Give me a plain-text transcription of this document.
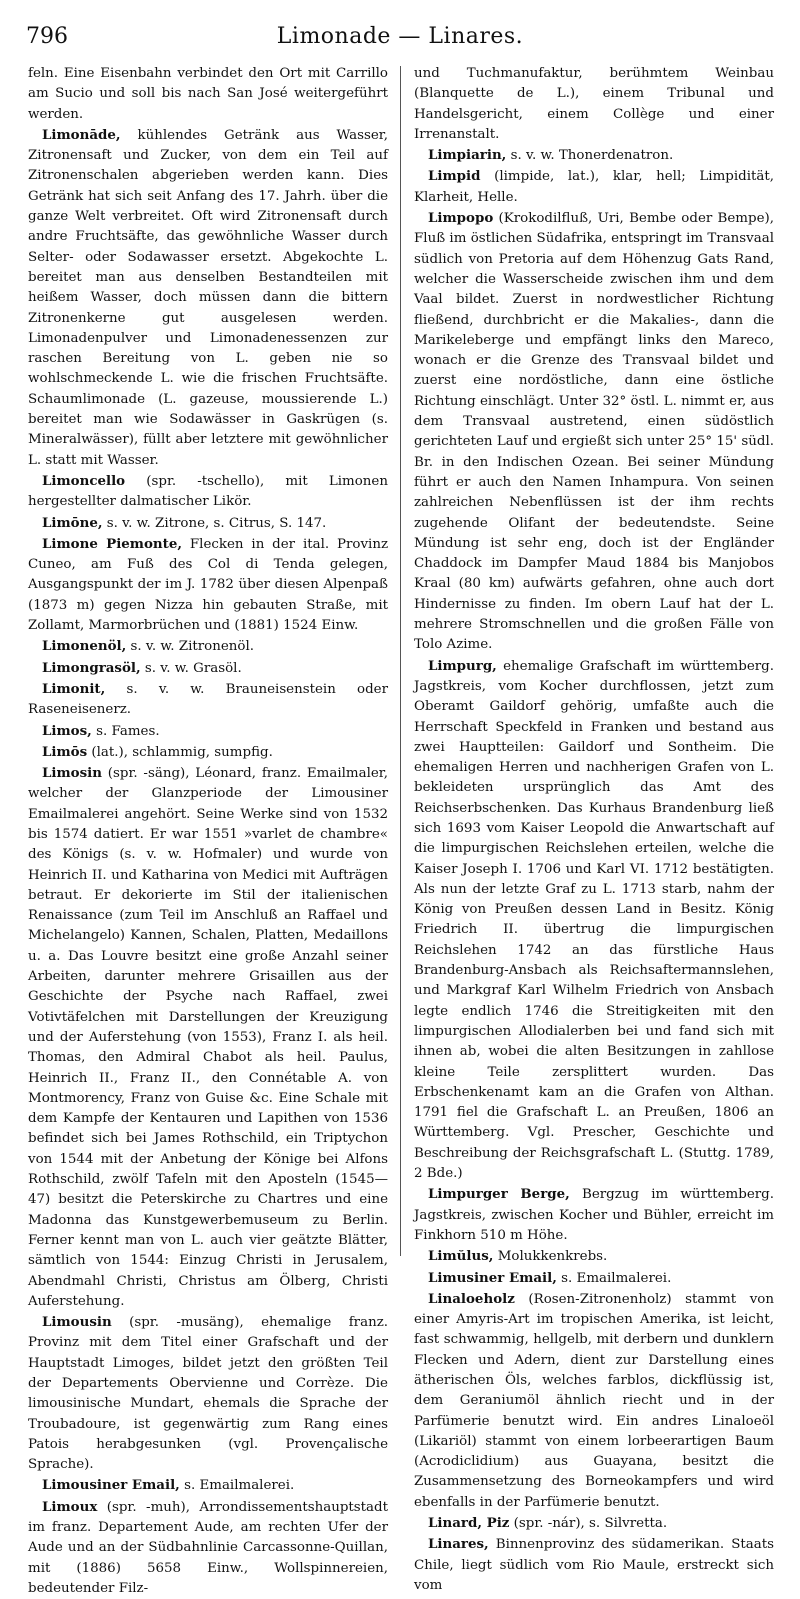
796	Limonade — Linares.

feln. Eine Eisenbahn verbindet den Ort mit Carrillo am Sucio und soll bis nach San José weitergeführt werden.

Limonāde, kühlendes Getränk aus Wasser, Zitronensaft und Zucker, von dem ein Teil auf Zitronenschalen abgerieben werden kann. Dies Getränk hat sich seit Anfang des 17. Jahrh. über die ganze Welt verbreitet. Oft wird Zitronensaft durch andre Fruchtsäfte, das gewöhnliche Wasser durch Selter- oder Sodawasser ersetzt. Abgekochte L. bereitet man aus denselben Bestandteilen mit heißem Wasser, doch müssen dann die bittern Zitronenkerne gut ausgelesen werden. Limonadenpulver und Limonadenessenzen zur raschen Bereitung von L. geben nie so wohlschmeckende L. wie die frischen Fruchtsäfte. Schaumlimonade (L. gazeuse, moussierende L.) bereitet man wie Sodawässer in Gaskrügen (s. Mineralwässer), füllt aber letztere mit gewöhnlicher L. statt mit Wasser.

Limoncello (spr. -tschello), mit Limonen hergestellter dalmatischer Likör.

Limōne, s. v. w. Zitrone, s. Citrus, S. 147.

Limone Piemonte, Flecken in der ital. Provinz Cuneo, am Fuß des Col di Tenda gelegen, Ausgangspunkt der im J. 1782 über diesen Alpenpaß (1873 m) gegen Nizza hin gebauten Straße, mit Zollamt, Marmorbrüchen und (1881) 1524 Einw.

Limonenöl, s. v. w. Zitronenöl.

Limongrasöl, s. v. w. Grasöl.

Limonit, s. v. w. Brauneisenstein oder Raseneisenerz.

Limos, s. Fames.

Limōs (lat.), schlammig, sumpfig.

Limosin (spr. -säng), Léonard, franz. Emailmaler, welcher der Glanzperiode der Limousiner Emailmalerei angehört. Seine Werke sind von 1532 bis 1574 datiert. Er war 1551 »varlet de chambre« des Königs (s. v. w. Hofmaler) und wurde von Heinrich II. und Katharina von Medici mit Aufträgen betraut. Er dekorierte im Stil der italienischen Renaissance (zum Teil im Anschluß an Raffael und Michelangelo) Kannen, Schalen, Platten, Medaillons u. a. Das Louvre besitzt eine große Anzahl seiner Arbeiten, darunter mehrere Grisaillen aus der Geschichte der Psyche nach Raffael, zwei Votivtäfelchen mit Darstellungen der Kreuzigung und der Auferstehung (von 1553), Franz I. als heil. Thomas, den Admiral Chabot als heil. Paulus, Heinrich II., Franz II., den Connétable A. von Montmorency, Franz von Guise &c. Eine Schale mit dem Kampfe der Kentauren und Lapithen von 1536 befindet sich bei James Rothschild, ein Triptychon von 1544 mit der Anbetung der Könige bei Alfons Rothschild, zwölf Tafeln mit den Aposteln (1545—47) besitzt die Peterskirche zu Chartres und eine Madonna das Kunstgewerbemuseum zu Berlin. Ferner kennt man von L. auch vier geätzte Blätter, sämtlich von 1544: Einzug Christi in Jerusalem, Abendmahl Christi, Christus am Ölberg, Christi Auferstehung.

Limousin (spr. -musäng), ehemalige franz. Provinz mit dem Titel einer Grafschaft und der Hauptstadt Limoges, bildet jetzt den größten Teil der Departements Obervienne und Corrèze. Die limousinische Mundart, ehemals die Sprache der Troubadoure, ist gegenwärtig zum Rang eines Patois herabgesunken (vgl. Provençalische Sprache).

Limousiner Email, s. Emailmalerei.

Limoux (spr. -muh), Arrondissementshauptstadt im franz. Departement Aude, am rechten Ufer der Aude und an der Südbahnlinie Carcassonne-Quillan, mit (1886) 5658 Einw., Wollspinnereien, bedeutender Filz-

und Tuchmanufaktur, berühmtem Weinbau (Blanquette de L.), einem Tribunal und Handelsgericht, einem Collège und einer Irrenanstalt.

Limpiarin, s. v. w. Thonerdenatron.

Limpid (limpide, lat.), klar, hell; Limpidität, Klarheit, Helle.

Limpopo (Krokodilfluß, Uri, Bembe oder Bempe), Fluß im östlichen Südafrika, entspringt im Transvaal südlich von Pretoria auf dem Höhenzug Gats Rand, welcher die Wasserscheide zwischen ihm und dem Vaal bildet. Zuerst in nordwestlicher Richtung fließend, durchbricht er die Makalies-, dann die Marikeleberge und empfängt links den Mareco, wonach er die Grenze des Transvaal bildet und zuerst eine nordöstliche, dann eine östliche Richtung einschlägt. Unter 32° östl. L. nimmt er, aus dem Transvaal austretend, einen südöstlich gerichteten Lauf und ergießt sich unter 25° 15' südl. Br. in den Indischen Ozean. Bei seiner Mündung führt er auch den Namen Inhampura. Von seinen zahlreichen Nebenflüssen ist der ihm rechts zugehende Olifant der bedeutendste. Seine Mündung ist sehr eng, doch ist der Engländer Chaddock im Dampfer Maud 1884 bis Manjobos Kraal (80 km) aufwärts gefahren, ohne auch dort Hindernisse zu finden. Im obern Lauf hat der L. mehrere Stromschnellen und die großen Fälle von Tolo Azime.

Limpurg, ehemalige Grafschaft im württemberg. Jagstkreis, vom Kocher durchflossen, jetzt zum Oberamt Gaildorf gehörig, umfaßte auch die Herrschaft Speckfeld in Franken und bestand aus zwei Hauptteilen: Gaildorf und Sontheim. Die ehemaligen Herren und nachherigen Grafen von L. bekleideten ursprünglich das Amt des Reichserbschenken. Das Kurhaus Brandenburg ließ sich 1693 vom Kaiser Leopold die Anwartschaft auf die limpurgischen Reichslehen erteilen, welche die Kaiser Joseph I. 1706 und Karl VI. 1712 bestätigten. Als nun der letzte Graf zu L. 1713 starb, nahm der König von Preußen dessen Land in Besitz. König Friedrich II. übertrug die limpurgischen Reichslehen 1742 an das fürstliche Haus Brandenburg-Ansbach als Reichsaftermannslehen, und Markgraf Karl Wilhelm Friedrich von Ansbach legte endlich 1746 die Streitigkeiten mit den limpurgischen Allodialerben bei und fand sich mit ihnen ab, wobei die alten Besitzungen in zahllose kleine Teile zersplittert wurden. Das Erbschenkenamt kam an die Grafen von Althan. 1791 fiel die Grafschaft L. an Preußen, 1806 an Württemberg. Vgl. Prescher, Geschichte und Beschreibung der Reichsgrafschaft L. (Stuttg. 1789, 2 Bde.)

Limpurger Berge, Bergzug im württemberg. Jagstkreis, zwischen Kocher und Bühler, erreicht im Finkhorn 510 m Höhe.

Limŭlus, Molukkenkrebs.

Limusiner Email, s. Emailmalerei.

Linaloeholz (Rosen-Zitronenholz) stammt von einer Amyris-Art im tropischen Amerika, ist leicht, fast schwammig, hellgelb, mit derbern und dunklern Flecken und Adern, dient zur Darstellung eines ätherischen Öls, welches farblos, dickflüssig ist, dem Geraniumöl ähnlich riecht und in der Parfümerie benutzt wird. Ein andres Linaloeöl (Likariöl) stammt von einem lorbeerartigen Baum (Acrodiclidium) aus Guayana, besitzt die Zusammensetzung des Borneokampfers und wird ebenfalls in der Parfümerie benutzt.

Linard, Piz (spr. -nár), s. Silvretta.

Linares, Binnenprovinz des südamerikan. Staats Chile, liegt südlich vom Rio Maule, erstreckt sich vom
